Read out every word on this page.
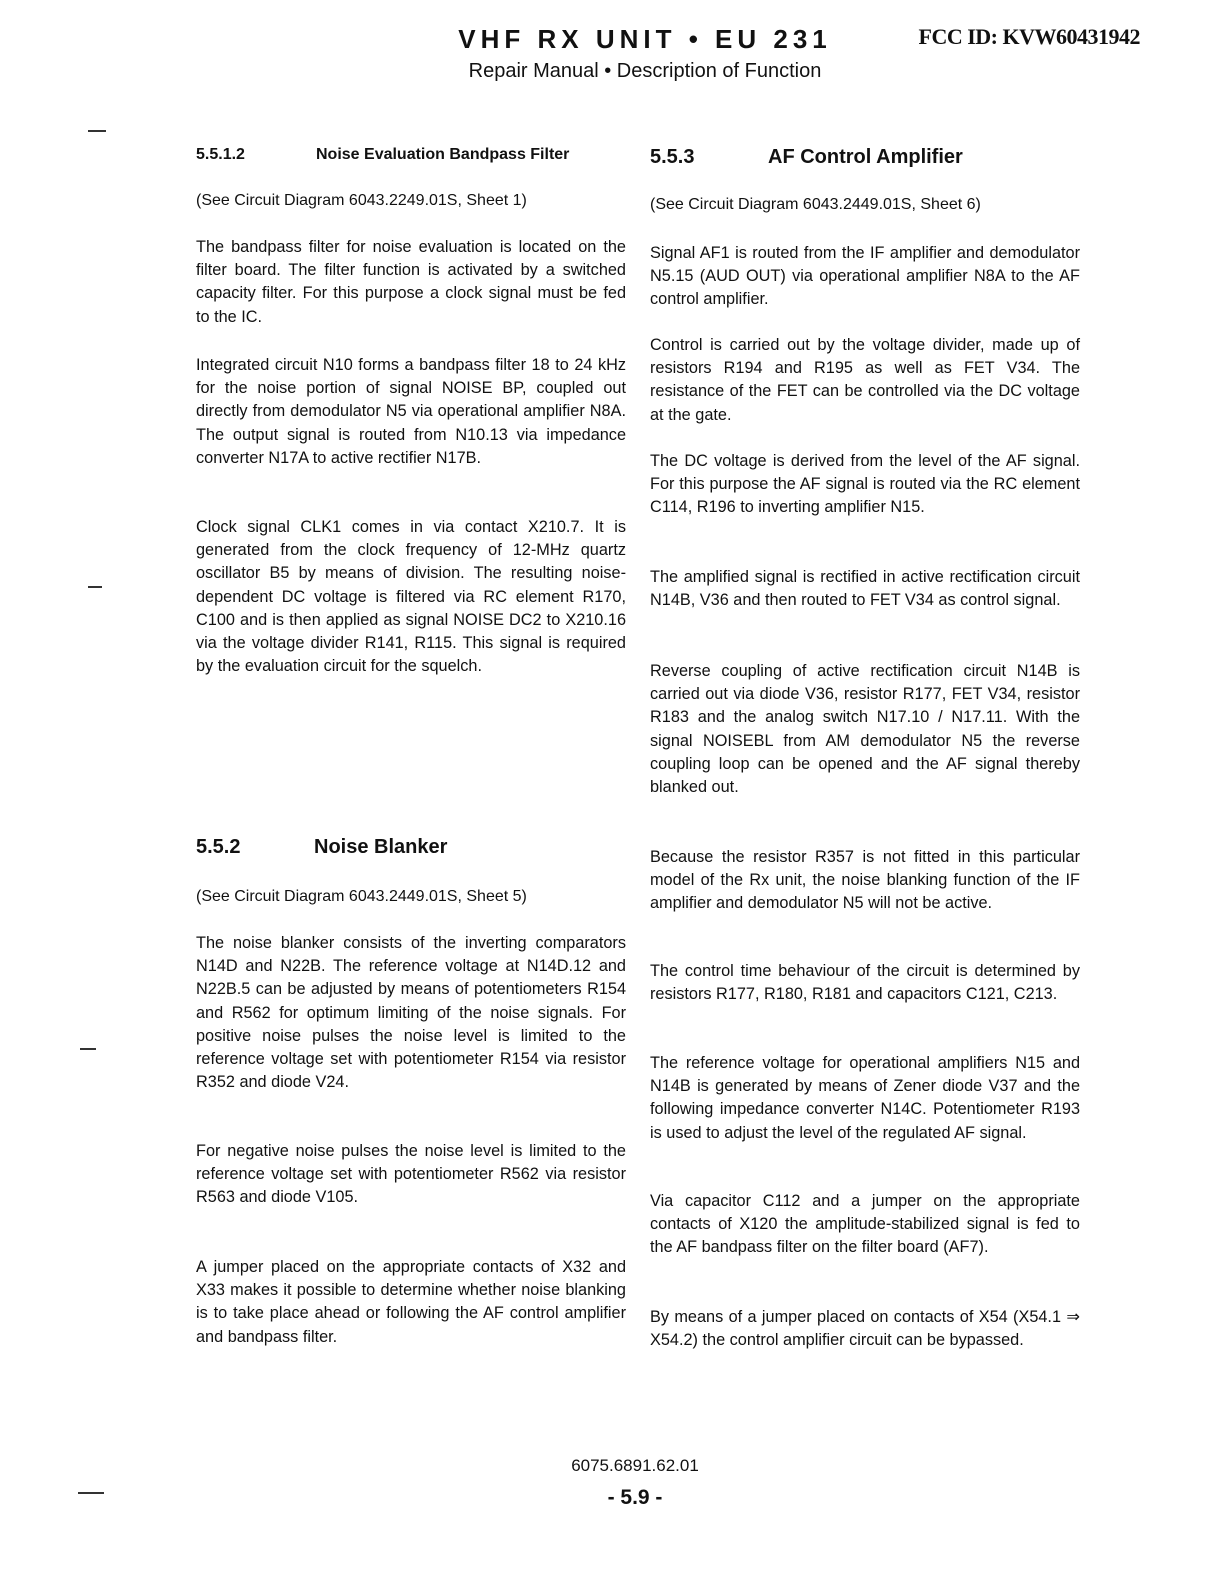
VHF RX UNIT • EU 231	FCC ID: KVW60431942
Repair Manual • Description of Function
5.5.1.2	Noise Evaluation Bandpass Filter
(See Circuit Diagram 6043.2249.01S, Sheet 1)

The bandpass filter for noise evaluation is located on the filter board. The filter function is activated by a switched capacity filter. For this purpose a clock signal must be fed to the IC.

Integrated circuit N10 forms a bandpass filter 18 to 24 kHz for the noise portion of signal NOISE BP, coupled out directly from demodulator N5 via operational amplifier N8A. The output signal is routed from N10.13 via impedance converter N17A to active rectifier N17B.

Clock signal CLK1 comes in via contact X210.7. It is generated from the clock frequency of 12-MHz quartz oscillator B5 by means of division. The resulting noise-dependent DC voltage is filtered via RC element R170, C100 and is then applied as signal NOISE DC2 to X210.16 via the voltage divider R141, R115. This signal is required by the evaluation circuit for the squelch.

5.5.2	Noise Blanker
(See Circuit Diagram 6043.2449.01S, Sheet 5)

The noise blanker consists of the inverting comparators N14D and N22B. The reference voltage at N14D.12 and N22B.5 can be adjusted by means of potentiometers R154 and R562 for optimum limiting of the noise signals. For positive noise pulses the noise level is limited to the reference voltage set with potentiometer R154 via resistor R352 and diode V24.

For negative noise pulses the noise level is limited to the reference voltage set with potentiometer R562 via resistor R563 and diode V105.

A jumper placed on the appropriate contacts of X32 and X33 makes it possible to determine whether noise blanking is to take place ahead or following the AF control amplifier and bandpass filter.

5.5.3	AF Control Amplifier
(See Circuit Diagram 6043.2449.01S, Sheet 6)

Signal AF1 is routed from the IF amplifier and demodulator N5.15 (AUD OUT) via operational amplifier N8A to the AF control amplifier.

Control is carried out by the voltage divider, made up of resistors R194 and R195 as well as FET V34. The resistance of the FET can be controlled via the DC voltage at the gate.

The DC voltage is derived from the level of the AF signal. For this purpose the AF signal is routed via the RC element C114, R196 to inverting amplifier N15.

The amplified signal is rectified in active rectification circuit N14B, V36 and then routed to FET V34 as control signal.

Reverse coupling of active rectification circuit N14B is carried out via diode V36, resistor R177, FET V34, resistor R183 and the analog switch N17.10 / N17.11. With the signal NOISEBL from AM demodulator N5 the reverse coupling loop can be opened and the AF signal thereby blanked out.

Because the resistor R357 is not fitted in this particular model of the Rx unit, the noise blanking function of the IF amplifier and demodulator N5 will not be active.

The control time behaviour of the circuit is determined by resistors R177, R180, R181 and capacitors C121, C213.

The reference voltage for operational amplifiers N15 and N14B is generated by means of Zener diode V37 and the following impedance converter N14C. Potentiometer R193 is used to adjust the level of the regulated AF signal.

Via capacitor C112 and a jumper on the appropriate contacts of X120 the amplitude-stabilized signal is fed to the AF bandpass filter on the filter board (AF7).

By means of a jumper placed on contacts of X54 (X54.1 ⇒ X54.2) the control amplifier circuit can be bypassed.

6075.6891.62.01
- 5.9 -
